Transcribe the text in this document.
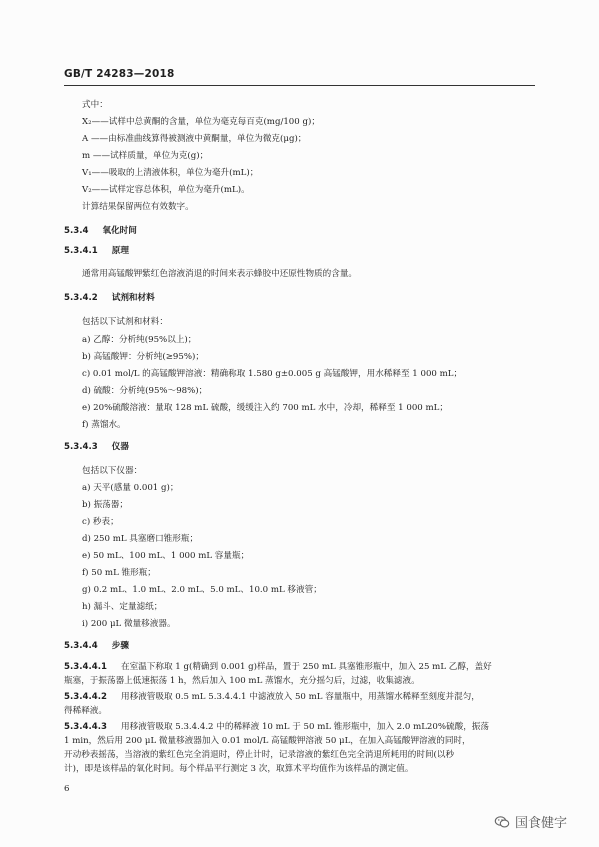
GB/T 24283—2018
式中：
X₂——试样中总黄酮的含量，单位为毫克每百克(mg/100 g)；
A ——由标准曲线算得被测液中黄酮量，单位为微克(μg)；
m ——试样质量，单位为克(g)；
V₁——吸取的上清液体积，单位为毫升(mL)；
V₂——试样定容总体积，单位为毫升(mL)。
计算结果保留两位有效数字。
5.3.4 氧化时间
5.3.4.1 原理
通常用高锰酸钾紫红色溶液消退的时间来表示蜂胶中还原性物质的含量。
5.3.4.2 试剂和材料
包括以下试剂和材料：
a) 乙醇：分析纯(95%以上)；
b) 高锰酸钾：分析纯(≥95%)；
c) 0.01 mol/L 的高锰酸钾溶液：精确称取 1.580 g±0.005 g 高锰酸钾，用水稀释至 1 000 mL；
d) 硫酸：分析纯(95%～98%)；
e) 20%硫酸溶液：量取 128 mL 硫酸，缓缓注入约 700 mL 水中，冷却，稀释至 1 000 mL；
f) 蒸馏水。
5.3.4.3 仪器
包括以下仪器：
a) 天平(感量 0.001 g)；
b) 振荡器；
c) 秒表；
d) 250 mL 具塞磨口锥形瓶；
e) 50 mL、100 mL、1 000 mL 容量瓶；
f) 50 mL 锥形瓶；
g) 0.2 mL、1.0 mL、2.0 mL、5.0 mL、10.0 mL 移液管；
h) 漏斗、定量滤纸；
i) 200 μL 微量移液器。
5.3.4.4 步骤
5.3.4.4.1 在室温下称取 1 g(精确到 0.001 g)样品，置于 250 mL 具塞锥形瓶中，加入 25 mL 乙醇，盖好
瓶塞，于振荡器上低速振荡 1 h，然后加入 100 mL 蒸馏水，充分摇匀后，过滤，收集滤液。
5.3.4.4.2 用移液管吸取 0.5 mL 5.3.4.4.1 中滤液放入 50 mL 容量瓶中，用蒸馏水稀释至刻度并混匀，
得稀释液。
5.3.4.4.3 用移液管吸取 5.3.4.4.2 中的稀释液 10 mL 于 50 mL 锥形瓶中，加入 2.0 mL20%硫酸，振荡
1 min，然后用 200 μL 微量移液器加入 0.01 mol/L 高锰酸钾溶液 50 μL，在加入高锰酸钾溶液的同时，
开动秒表摇荡，当溶液的紫红色完全消退时，停止计时，记录溶液的紫红色完全消退所耗用的时间(以秒
计)，即是该样品的氧化时间。每个样品平行测定 3 次，取算术平均值作为该样品的测定值。
6
国食健字
